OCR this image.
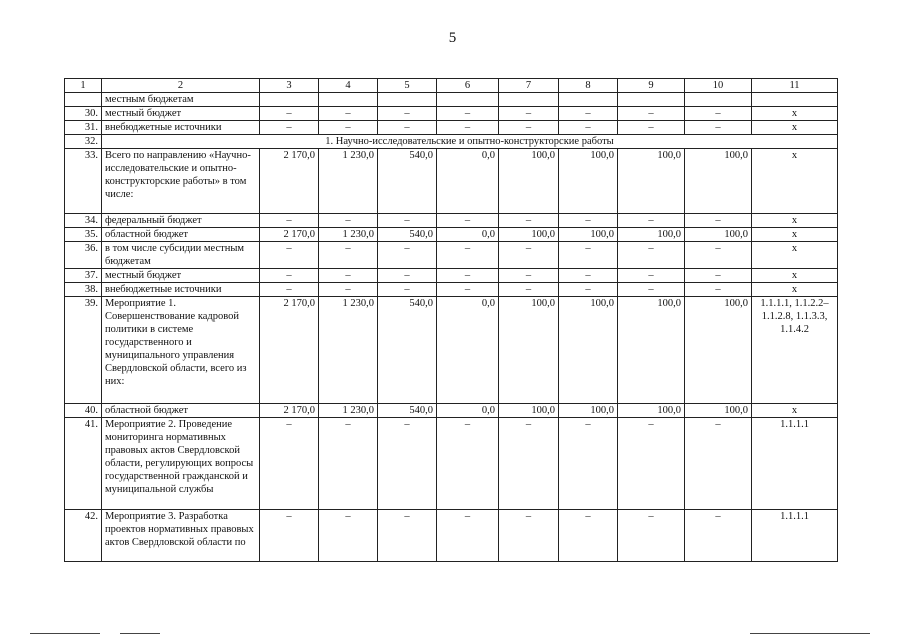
5
1	2	3	4	5	6	7	8	9	10	11
	местным бюджетам									
30.	местный бюджет	–	–	–	–	–	–	–	–	х
31.	внебюджетные источники	–	–	–	–	–	–	–	–	х
32.	1. Научно-исследовательские и опытно-конструкторские работы									
33.	Всего по направлению «Научно-исследовательские и опытно-конструкторские работы» в том числе:	2 170,0	1 230,0	540,0	0,0	100,0	100,0	100,0	100,0	х
34.	федеральный бюджет	–	–	–	–	–	–	–	–	х
35.	областной бюджет	2 170,0	1 230,0	540,0	0,0	100,0	100,0	100,0	100,0	х
36.	в том числе субсидии местным бюджетам	–	–	–	–	–	–	–	–	х
37.	местный бюджет	–	–	–	–	–	–	–	–	х
38.	внебюджетные источники	–	–	–	–	–	–	–	–	х
39.	Мероприятие 1. Совершенствование кадровой политики в системе государственного и муниципального управления Свердловской области, всего из них:	2 170,0	1 230,0	540,0	0,0	100,0	100,0	100,0	100,0	1.1.1.1, 1.1.2.2–1.1.2.8, 1.1.3.3, 1.1.4.2
40.	областной бюджет	2 170,0	1 230,0	540,0	0,0	100,0	100,0	100,0	100,0	х
41.	Мероприятие 2. Проведение мониторинга нормативных правовых актов Свердловской области, регулирующих вопросы государственной гражданской и муниципальной службы	–	–	–	–	–	–	–	–	1.1.1.1
42.	Мероприятие 3. Разработка проектов нормативных правовых актов Свердловской области по	–	–	–	–	–	–	–	–	1.1.1.1
